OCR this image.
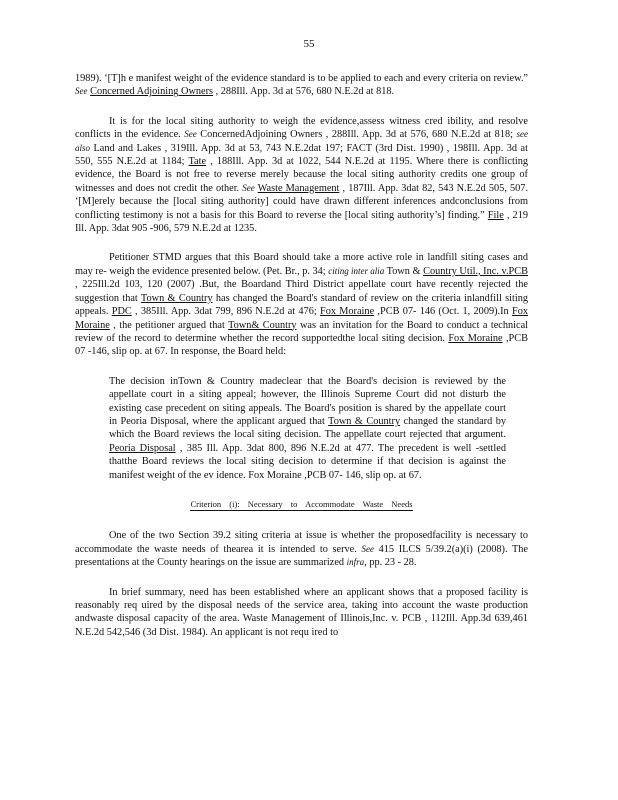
55

1989). ‘[T]h e manifest weight of the evidence standard is to be applied to each and every criteria on review.” See Concerned Adjoining Owners , 288Ill. App. 3d at 576, 680 N.E.2d at 818.

It is for the local siting authority to weigh the evidence,assess witness cred ibility, and resolve conflicts in the evidence. See ConcernedAdjoining Owners , 288Ill. App. 3d at 576, 680 N.E.2d at 818; see also Land and Lakes , 319Ill. App. 3d at 53, 743 N.E.2dat 197; FACT (3rd Dist. 1990) , 198Ill. App. 3d at 550, 555 N.E.2d at 1184; Tate , 188Ill. App. 3d at 1022, 544 N.E.2d at 1195. Where there is conflicting evidence, the Board is not free to reverse merely because the local siting authority credits one group of witnesses and does not credit the other. See Waste Management , 187Ill. App. 3dat 82, 543 N.E.2d 505, 507. ‘[M]erely because the [local siting authority] could have drawn different inferences andconclusions from conflicting testimony is not a basis for this Board to reverse the [local siting authority’s] finding.” File , 219 Ill. App. 3dat 905 -906, 579 N.E.2d at 1235.

Petitioner STMD argues that this Board should take a more active role in landfill siting cases and may re- weigh the evidence presented below. (Pet. Br., p. 34; citing inter alia Town & Country Util., Inc. v.PCB , 225Ill.2d 103, 120 (2007) .But, the Boardand Third District appellate court have recently rejected the suggestion that Town & Country has changed the Board's standard of review on the criteria inlandfill siting appeals. PDC , 385Ill. App. 3dat 799, 896 N.E.2d at 476; Fox Moraine ,PCB 07- 146 (Oct. 1, 2009).In Fox Moraine , the petitioner argued that Town& Country was an invitation for the Board to conduct a technical review of the record to determine whether the record supportedthe local siting decision. Fox Moraine ,PCB 07 -146, slip op. at 67. In response, the Board held:

The decision inTown & Country madeclear that the Board's decision is reviewed by the appellate court in a siting appeal; however, the Illinois Supreme Court did not disturb the existing case precedent on siting appeals. The Board's position is shared by the appellate court in Peoria Disposal, where the applicant argued that Town & Country changed the standard by which the Board reviews the local siting decision. The appellate court rejected that argument. Peoria Disposal , 385 Ill. App. 3dat 800, 896 N.E.2d at 477. The precedent is well -settled thatthe Board reviews the local siting decision to determine if that decision is against the manifest weight of the ev idence. Fox Moraine ,PCB 07- 146, slip op. at 67.

Criterion (i): Necessary to Accommodate Waste Needs

One of the two Section 39.2 siting criteria at issue is whether the proposedfacility is necessary to accommodate the waste needs of thearea it is intended to serve. See 415 ILCS 5/39.2(a)(i) (2008). The presentations at the County hearings on the issue are summarized infra, pp. 23 - 28.

In brief summary, need has been established where an applicant shows that a proposed facility is reasonably req uired by the disposal needs of the service area, taking into account the waste production andwaste disposal capacity of the area. Waste Management of Illinois,Inc. v. PCB , 112Ill. App.3d 639,461 N.E.2d 542,546 (3d Dist. 1984). An applicant is not requ ired to
